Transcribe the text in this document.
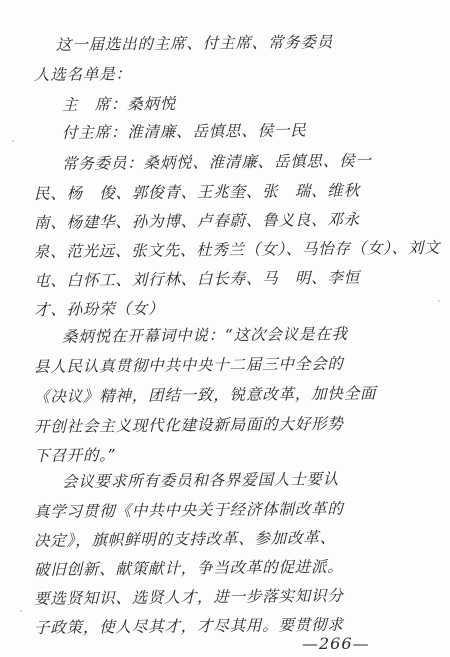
这一届选出的主席、付主席、常务委员
人选名单是：
主　席：桑炳悦
付主席：淮清廉、岳慎思、侯一民
常务委员：桑炳悦、淮清廉、岳慎思、侯一
民、杨　俊、郭俊青、王兆奎、张　瑞、维秋
南、杨建华、孙为博、卢春蔚、鲁义良、邓永
泉、范光远、张文先、杜秀兰（女）、马怡存（女）、刘文
屯、白怀工、刘行林、白长寿、马　明、李恒
才、孙玢荣（女）
桑炳悦在开幕词中说：“这次会议是在我
县人民认真贯彻中共中央十二届三中全会的
《决议》精神，团结一致，锐意改革，加快全面
开创社会主义现代化建设新局面的大好形势
下召开的。”
会议要求所有委员和各界爱国人士要认
真学习贯彻《中共中央关于经济体制改革的
决定》，旗帜鲜明的支持改革、参加改革、
破旧创新、献策献计，争当改革的促进派。
要选贤知识、选贤人才，进一步落实知识分
子政策，使人尽其才，才尽其用。要贯彻求
—266—
